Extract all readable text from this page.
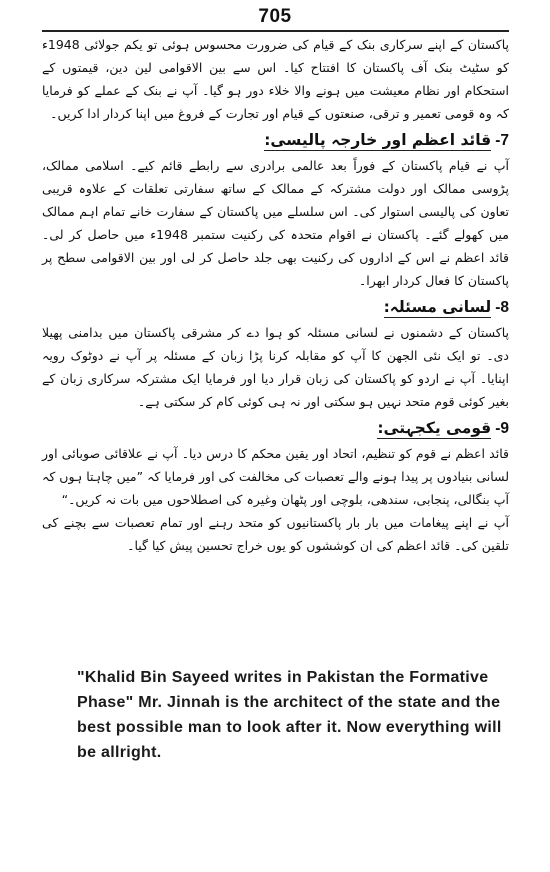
705

پاکستان کے اپنے سرکاری بنک کے قیام کی ضرورت محسوس ہوئی تو یکم جولائی 1948ء کو سٹیٹ بنک آف پاکستان کا افتتاح کیا۔ اس سے بین الاقوامی لین دین، قیمتوں کے استحکام اور نظام معیشت میں ہونے والا خلاء دور ہو گیا۔ آپ نے بنک کے عملے کو فرمایا کہ وہ قومی تعمیر و ترقی، صنعتوں کے قیام اور تجارت کے فروغ میں اپنا کردار ادا کریں۔

7-قائد اعظم اور خارجہ پالیسی:

آپ نے قیام پاکستان کے فوراً بعد عالمی برادری سے رابطے قائم کیے۔ اسلامی ممالک، پڑوسی ممالک اور دولت مشترکہ کے ممالک کے ساتھ سفارتی تعلقات کے علاوہ قریبی تعاون کی پالیسی استوار کی۔ اس سلسلے میں پاکستان کے سفارت خانے تمام اہم ممالک میں کھولے گئے۔ پاکستان نے اقوام متحدہ کی رکنیت ستمبر 1948ء میں حاصل کر لی۔ قائد اعظم نے اس کے اداروں کی رکنیت بھی جلد حاصل کر لی اور بین الاقوامی سطح پر پاکستان کا فعال کردار ابھرا۔

8-لسانی مسئلہ:

پاکستان کے دشمنوں نے لسانی مسئلہ کو ہوا دے کر مشرقی پاکستان میں بدامنی پھیلا دی۔ تو ایک نئی الجھن کا آپ کو مقابلہ کرنا پڑا زبان کے مسئلہ پر آپ نے دوٹوک رویہ اپنایا۔ آپ نے اردو کو پاکستان کی زبان قرار دیا اور فرمایا ایک مشترکہ سرکاری زبان کے بغیر کوئی قوم متحد نہیں ہو سکتی اور نہ ہی کوئی کام کر سکتی ہے۔

9-قومی یکجہتی:

قائد اعظم نے قوم کو تنظیم، اتحاد اور یقین محکم کا درس دیا۔ آپ نے علاقائی صوبائی اور لسانی بنیادوں پر پیدا ہونے والے تعصبات کی مخالفت کی اور فرمایا کہ ”میں چاہتا ہوں کہ آپ بنگالی، پنجابی، سندھی، بلوچی اور پٹھان وغیرہ کی اصطلاحوں میں بات نہ کریں۔“

آپ نے اپنے پیغامات میں بار بار پاکستانیوں کو متحد رہنے اور تمام تعصبات سے بچنے کی تلقین کی۔ قائد اعظم کی ان کوششوں کو یوں خراج تحسین پیش کیا گیا۔

"Khalid Bin Sayeed writes in Pakistan the Formative Phase" Mr. Jinnah is the architect of the state and the best possible man to look after it. Now everything will be allright.
